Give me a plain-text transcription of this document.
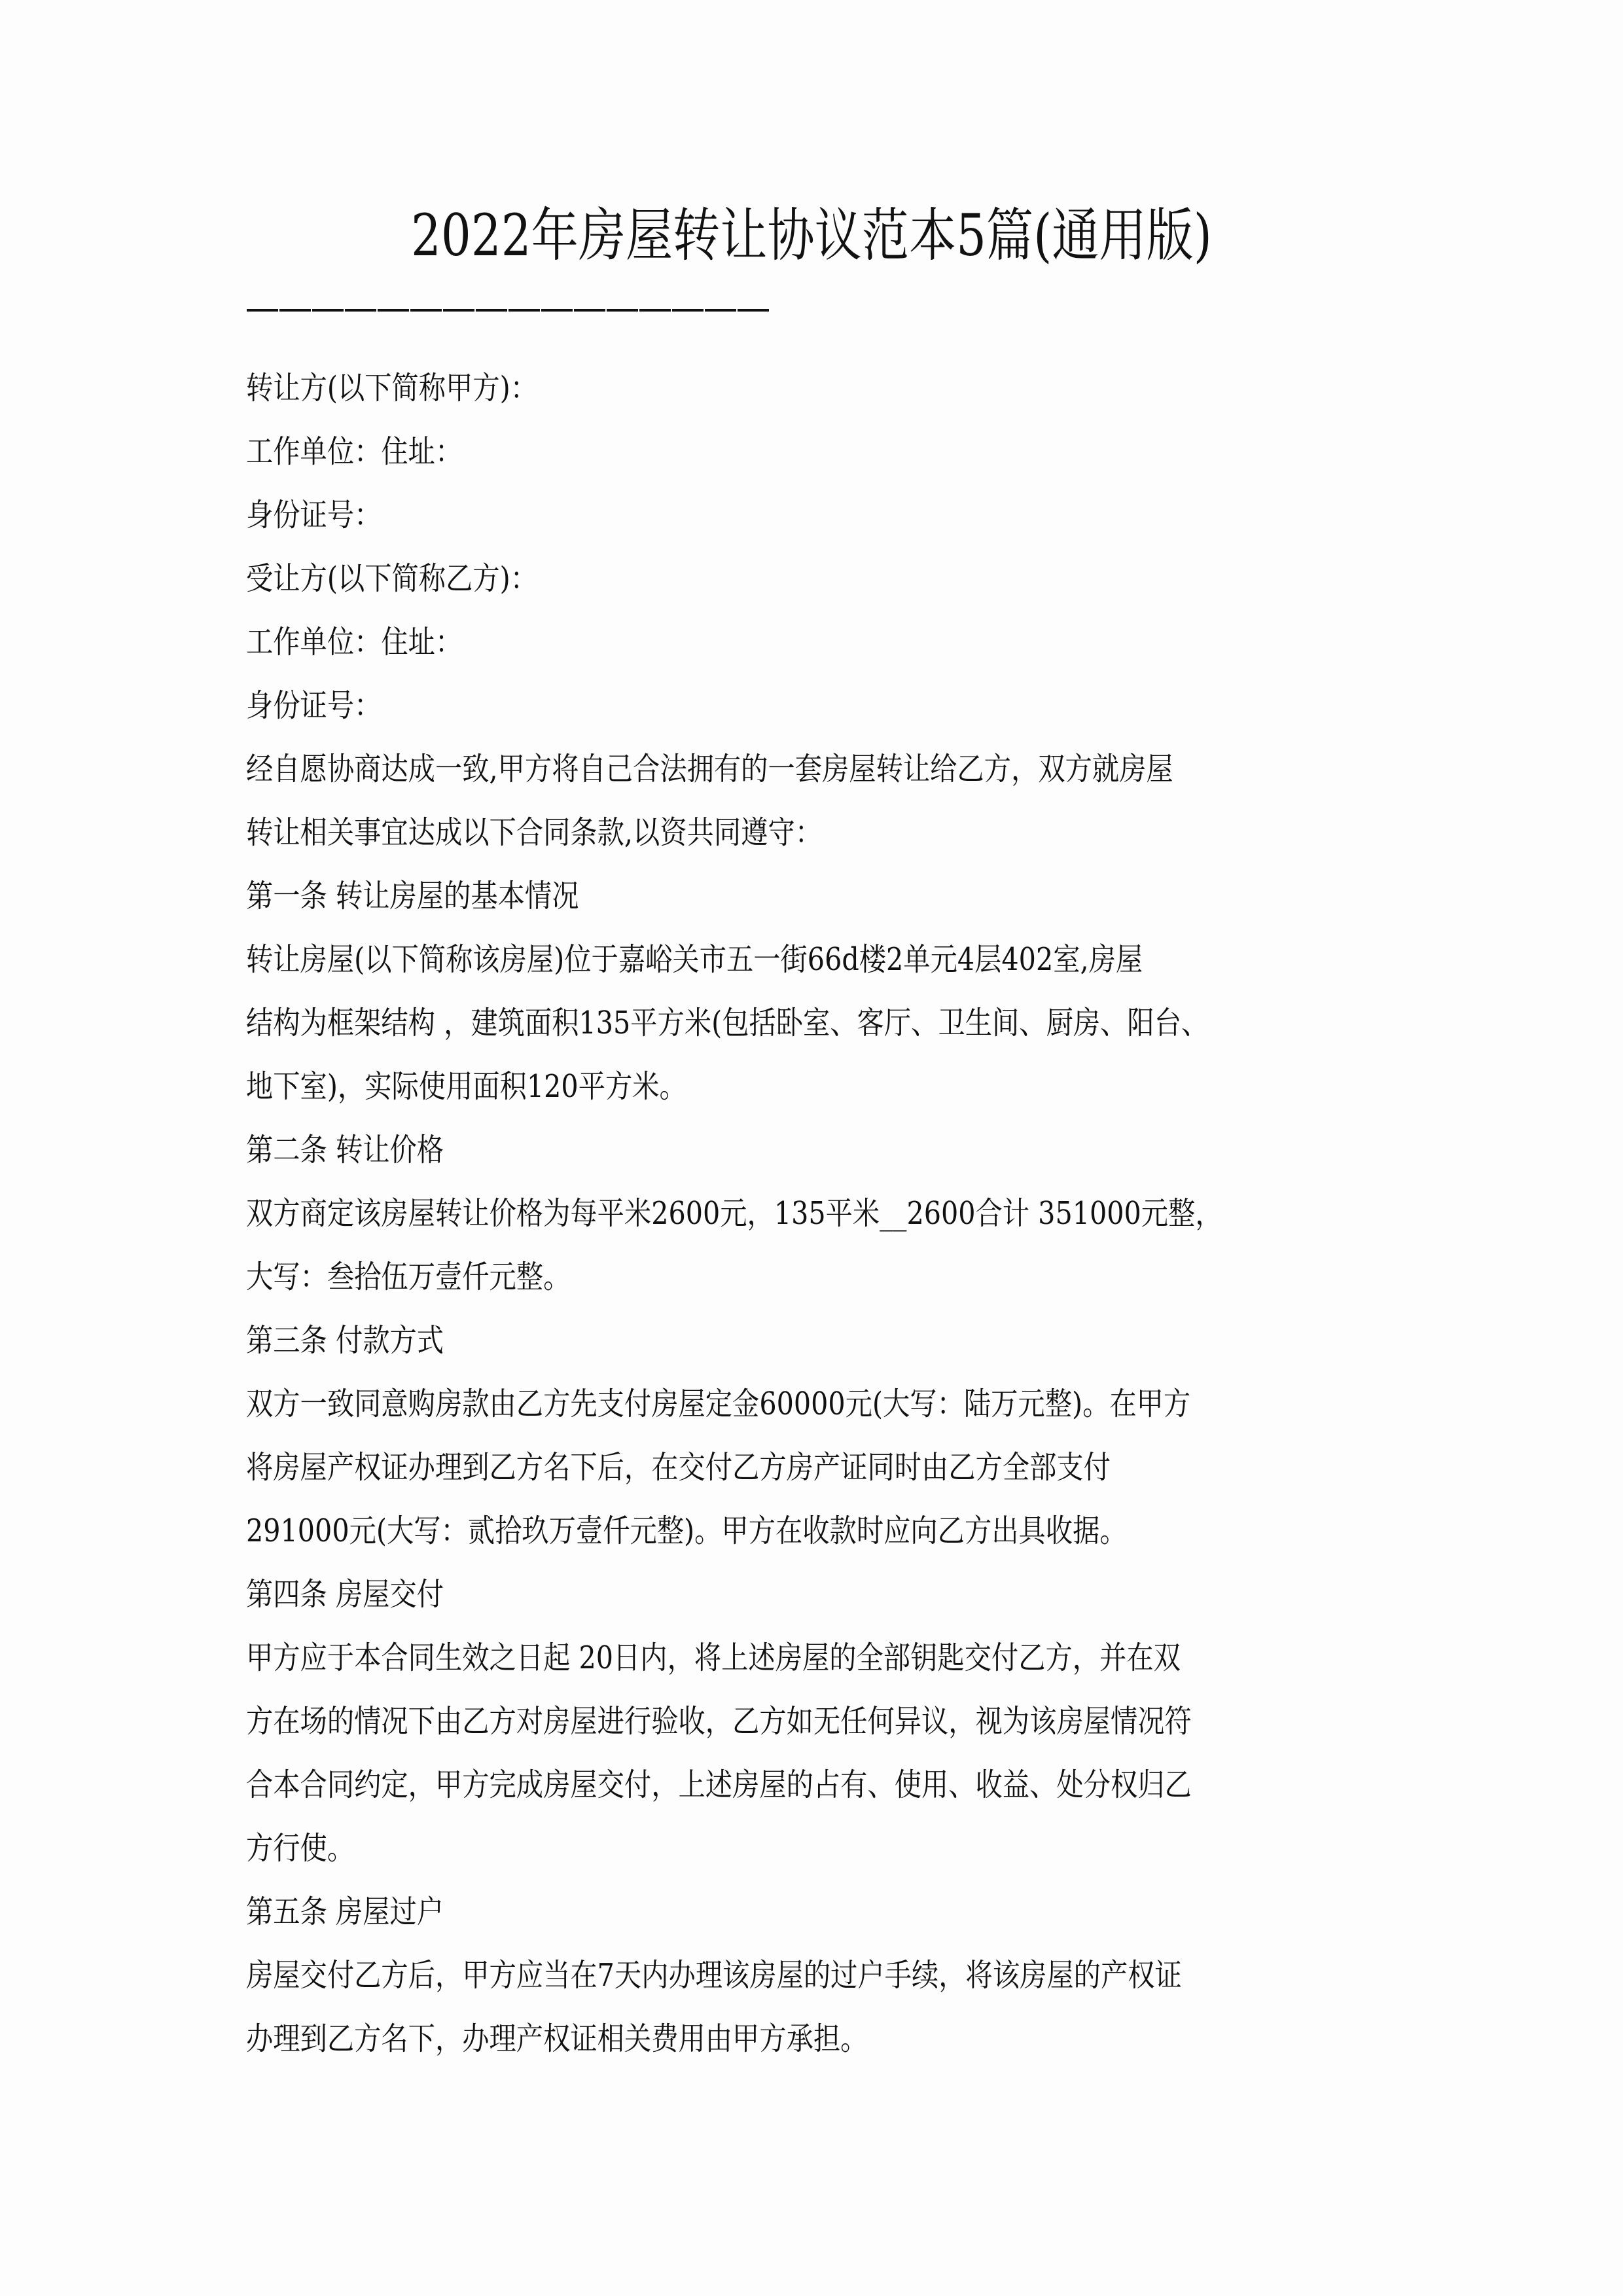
2022年房屋转让协议范本5篇(通用版)
转让方(以下简称甲方)：
工作单位：住址：
身份证号：
受让方(以下简称乙方)：
工作单位：住址：
身份证号：
经自愿协商达成一致,甲方将自己合法拥有的一套房屋转让给乙方，双方就房屋
转让相关事宜达成以下合同条款,以资共同遵守：
第一条 转让房屋的基本情况
转让房屋(以下简称该房屋)位于嘉峪关市五一街66d楼2单元4层402室,房屋
结构为框架结构 ，建筑面积135平方米(包括卧室、客厅、卫生间、厨房、阳台、
地下室)，实际使用面积120平方米。
第二条 转让价格
双方商定该房屋转让价格为每平米2600元，135平米__2600合计 351000元整，
大写：叁拾伍万壹仟元整。
第三条 付款方式
双方一致同意购房款由乙方先支付房屋定金60000元(大写：陆万元整)。在甲方
将房屋产权证办理到乙方名下后，在交付乙方房产证同时由乙方全部支付
291000元(大写：贰拾玖万壹仟元整)。甲方在收款时应向乙方出具收据。
第四条 房屋交付
甲方应于本合同生效之日起 20日内，将上述房屋的全部钥匙交付乙方，并在双
方在场的情况下由乙方对房屋进行验收，乙方如无任何异议，视为该房屋情况符
合本合同约定，甲方完成房屋交付，上述房屋的占有、使用、收益、处分权归乙
方行使。
第五条 房屋过户
房屋交付乙方后，甲方应当在7天内办理该房屋的过户手续，将该房屋的产权证
办理到乙方名下，办理产权证相关费用由甲方承担。
